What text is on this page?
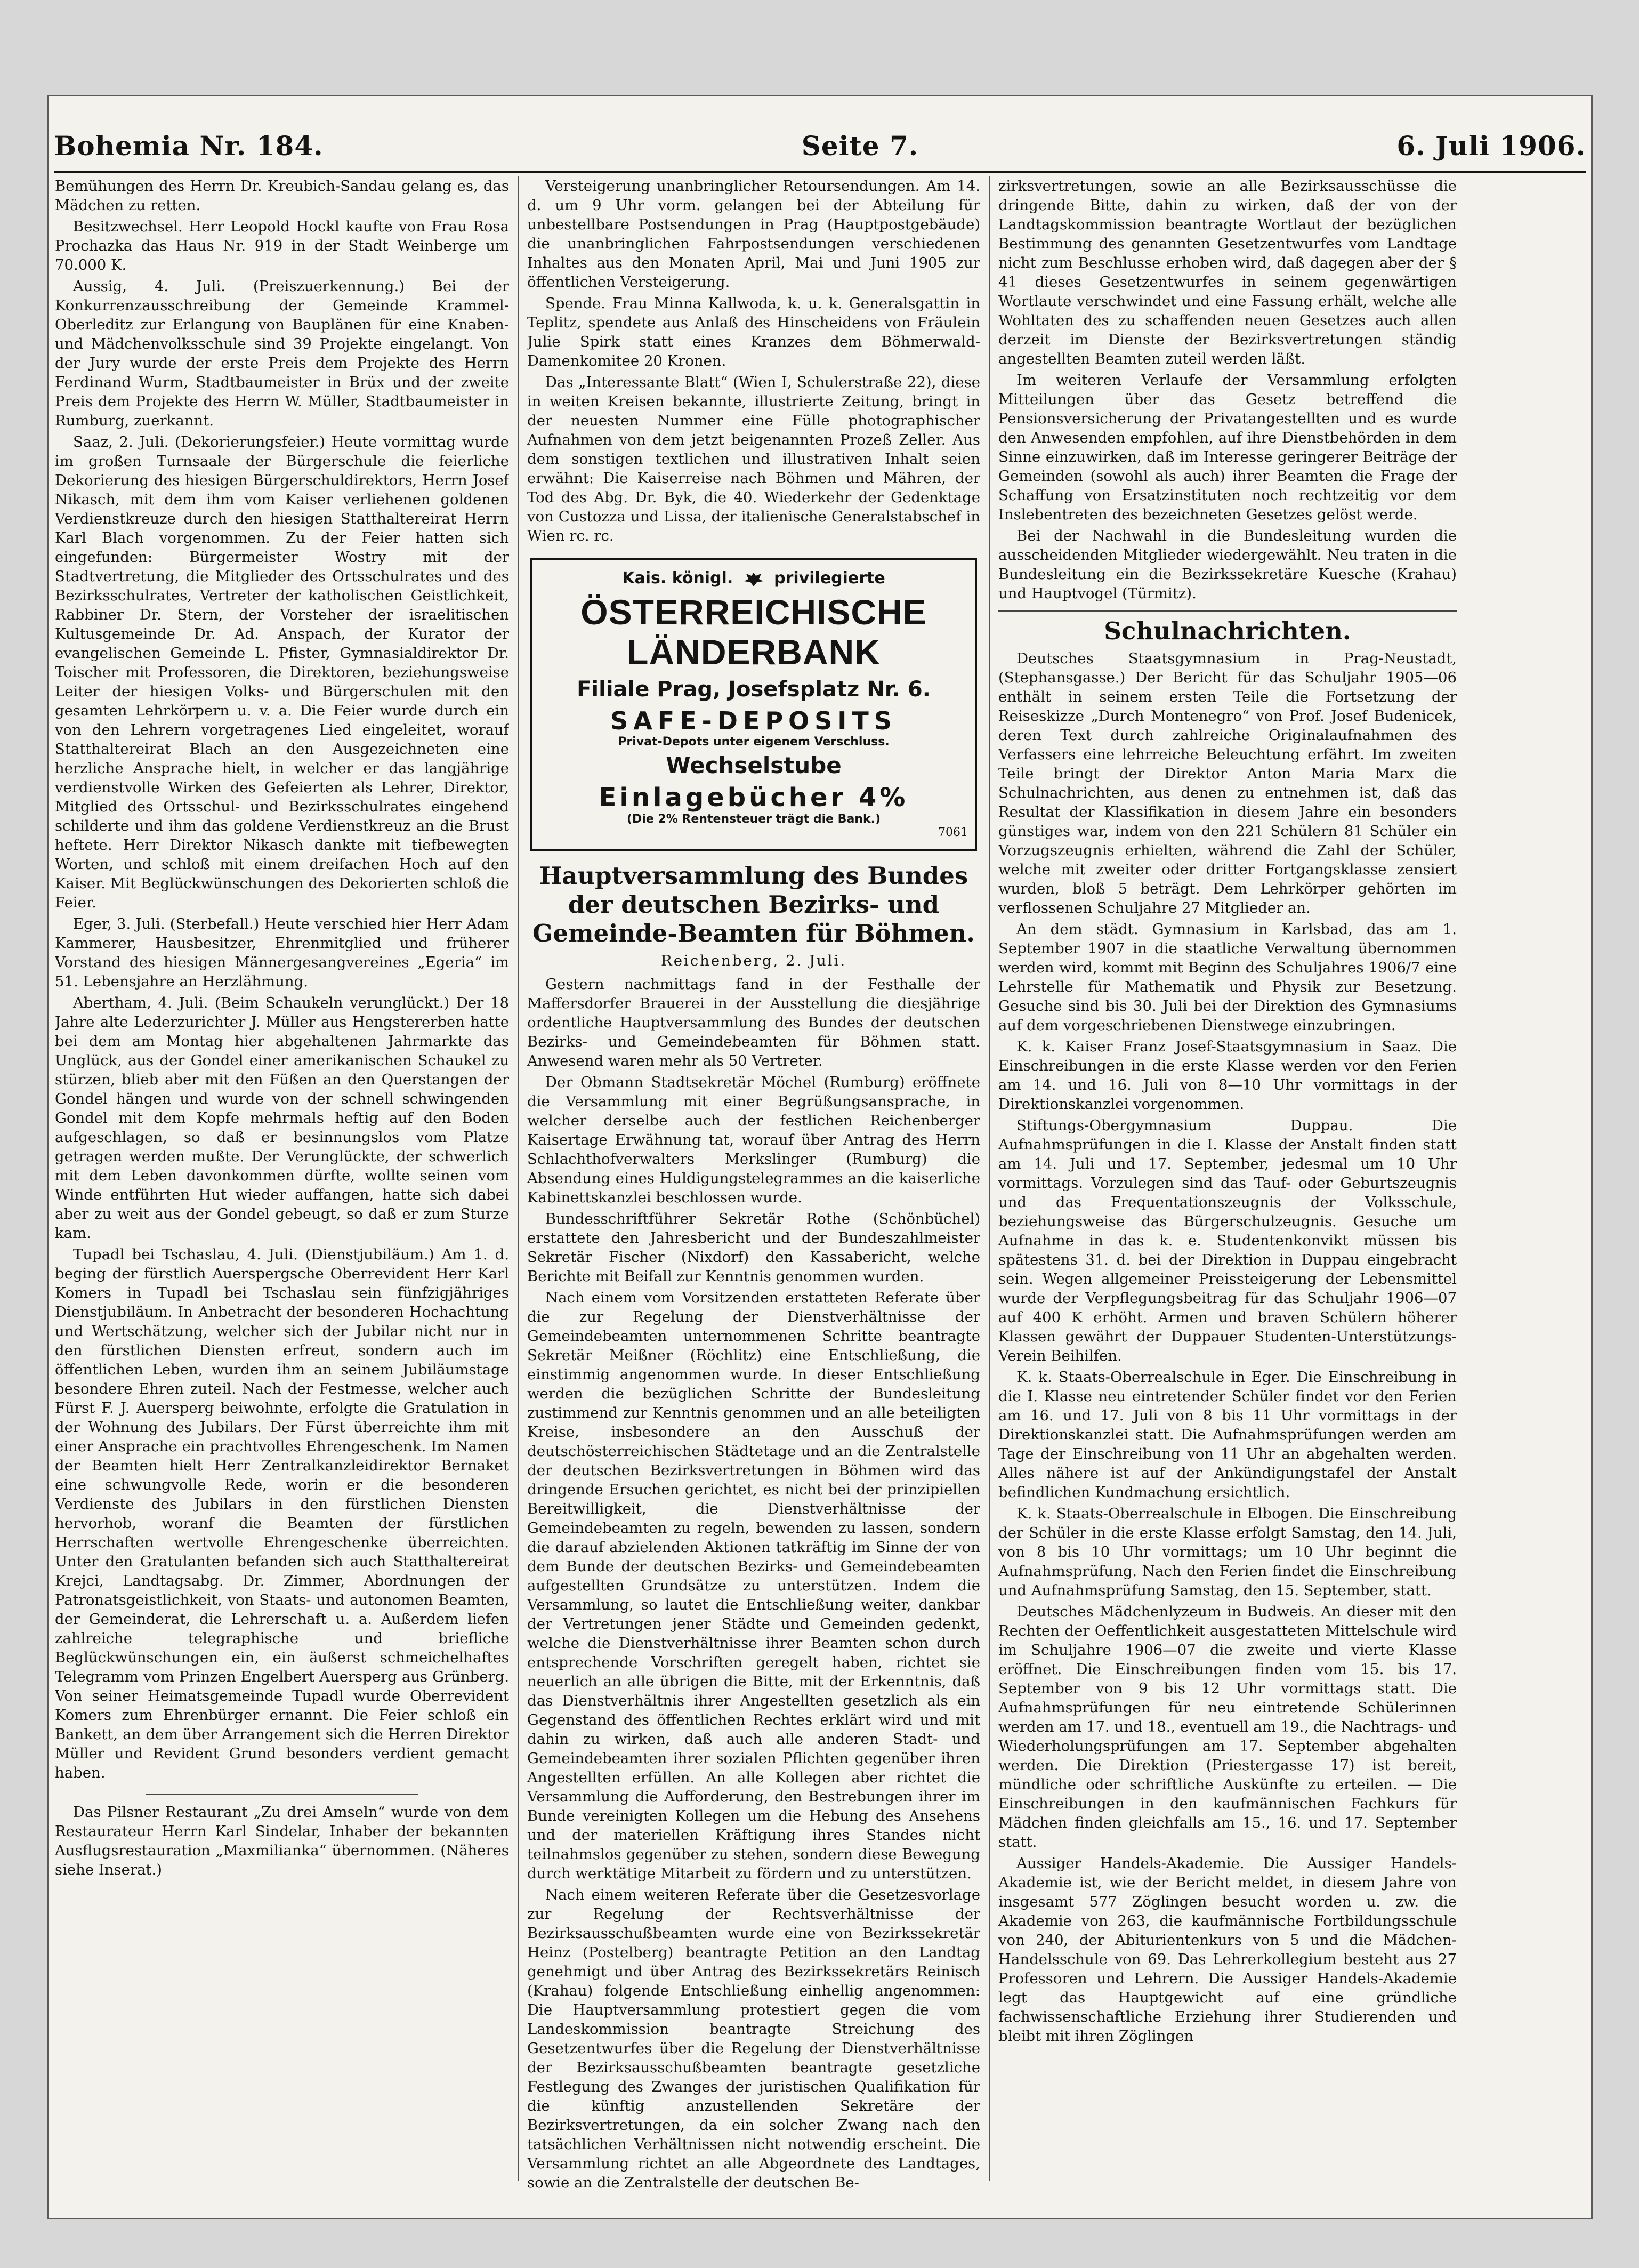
Bohemia Nr. 184.	Seite 7.	6. Juli 1906.

Bemühungen des Herrn Dr. Kreubich-Sandau gelang es, das Mädchen zu retten.

Besitzwechsel. Herr Leopold Hockl kaufte von Frau Rosa Prochazka das Haus Nr. 919 in der Stadt Weinberge um 70.000 K.

Aussig, 4. Juli. (Preiszuerkennung.) Bei der Konkurrenzausschreibung der Gemeinde Krammel-Oberleditz zur Erlangung von Bauplänen für eine Knaben- und Mädchenvolksschule sind 39 Projekte eingelangt. Von der Jury wurde der erste Preis dem Projekte des Herrn Ferdinand Wurm, Stadtbaumeister in Brüx und der zweite Preis dem Projekte des Herrn W. Müller, Stadtbaumeister in Rumburg, zuerkannt.

Saaz, 2. Juli. (Dekorierungsfeier.) Heute vormittag wurde im großen Turnsaale der Bürgerschule die feierliche Dekorierung des hiesigen Bürgerschuldirektors, Herrn Josef Nikasch, mit dem ihm vom Kaiser verliehenen goldenen Verdienstkreuze durch den hiesigen Statthaltereirat Herrn Karl Blach vorgenommen. Zu der Feier hatten sich eingefunden: Bürgermeister Wostry mit der Stadtvertretung, die Mitglieder des Ortsschulrates und des Bezirksschulrates, Vertreter der katholischen Geistlichkeit, Rabbiner Dr. Stern, der Vorsteher der israelitischen Kultusgemeinde Dr. Ad. Anspach, der Kurator der evangelischen Gemeinde L. Pfister, Gymnasialdirektor Dr. Toischer mit Professoren, die Direktoren, beziehungsweise Leiter der hiesigen Volks- und Bürgerschulen mit den gesamten Lehrkörpern u. v. a. Die Feier wurde durch ein von den Lehrern vorgetragenes Lied eingeleitet, worauf Statthaltereirat Blach an den Ausgezeichneten eine herzliche Ansprache hielt, in welcher er das langjährige verdienstvolle Wirken des Gefeierten als Lehrer, Direktor, Mitglied des Ortsschul- und Bezirksschulrates eingehend schilderte und ihm das goldene Verdienstkreuz an die Brust heftete. Herr Direktor Nikasch dankte mit tiefbewegten Worten, und schloß mit einem dreifachen Hoch auf den Kaiser. Mit Beglückwünschungen des Dekorierten schloß die Feier.

Eger, 3. Juli. (Sterbefall.) Heute verschied hier Herr Adam Kammerer, Hausbesitzer, Ehrenmitglied und früherer Vorstand des hiesigen Männergesangvereines „Egeria“ im 51. Lebensjahre an Herzlähmung.

Abertham, 4. Juli. (Beim Schaukeln verunglückt.) Der 18 Jahre alte Lederzurichter J. Müller aus Hengstererben hatte bei dem am Montag hier abgehaltenen Jahrmarkte das Unglück, aus der Gondel einer amerikanischen Schaukel zu stürzen, blieb aber mit den Füßen an den Querstangen der Gondel hängen und wurde von der schnell schwingenden Gondel mit dem Kopfe mehrmals heftig auf den Boden aufgeschlagen, so daß er besinnungslos vom Platze getragen werden mußte. Der Verunglückte, der schwerlich mit dem Leben davonkommen dürfte, wollte seinen vom Winde entführten Hut wieder auffangen, hatte sich dabei aber zu weit aus der Gondel gebeugt, so daß er zum Sturze kam.

Tupadl bei Tschaslau, 4. Juli. (Dienstjubiläum.) Am 1. d. beging der fürstlich Auerspergsche Oberrevident Herr Karl Komers in Tupadl bei Tschaslau sein fünfzigjähriges Dienstjubiläum. In Anbetracht der besonderen Hochachtung und Wertschätzung, welcher sich der Jubilar nicht nur in den fürstlichen Diensten erfreut, sondern auch im öffentlichen Leben, wurden ihm an seinem Jubiläumstage besondere Ehren zuteil. Nach der Festmesse, welcher auch Fürst F. J. Auersperg beiwohnte, erfolgte die Gratulation in der Wohnung des Jubilars. Der Fürst überreichte ihm mit einer Ansprache ein prachtvolles Ehrengeschenk. Im Namen der Beamten hielt Herr Zentralkanzleidirektor Bernaket eine schwungvolle Rede, worin er die besonderen Verdienste des Jubilars in den fürstlichen Diensten hervorhob, woranf die Beamten der fürstlichen Herrschaften wertvolle Ehrengeschenke überreichten. Unter den Gratulanten befanden sich auch Statthaltereirat Krejci, Landtagsabg. Dr. Zimmer, Abordnungen der Patronatsgeistlichkeit, von Staats- und autonomen Beamten, der Gemeinderat, die Lehrerschaft u. a. Außerdem liefen zahlreiche telegraphische und briefliche Beglückwünschungen ein, ein äußerst schmeichelhaftes Telegramm vom Prinzen Engelbert Auersperg aus Grünberg. Von seiner Heimatsgemeinde Tupadl wurde Oberrevident Komers zum Ehrenbürger ernannt. Die Feier schloß ein Bankett, an dem über Arrangement sich die Herren Direktor Müller und Revident Grund besonders verdient gemacht haben.

Das Pilsner Restaurant „Zu drei Amseln“ wurde von dem Restaurateur Herrn Karl Sindelar, Inhaber der bekannten Ausflugsrestauration „Maxmilianka“ übernommen. (Näheres siehe Inserat.)

Versteigerung unanbringlicher Retoursendungen. Am 14. d. um 9 Uhr vorm. gelangen bei der Abteilung für unbestellbare Postsendungen in Prag (Hauptpostgebäude) die unanbringlichen Fahrpostsendungen verschiedenen Inhaltes aus den Monaten April, Mai und Juni 1905 zur öffentlichen Versteigerung.

Spende. Frau Minna Kallwoda, k. u. k. Generalsgattin in Teplitz, spendete aus Anlaß des Hinscheidens von Fräulein Julie Spirk statt eines Kranzes dem Böhmerwald-Damenkomitee 20 Kronen.

Das „Interessante Blatt“ (Wien I, Schulerstraße 22), diese in weiten Kreisen bekannte, illustrierte Zeitung, bringt in der neuesten Nummer eine Fülle photographischer Aufnahmen von dem jetzt beigenannten Prozeß Zeller. Aus dem sonstigen textlichen und illustrativen Inhalt seien erwähnt: Die Kaiserreise nach Böhmen und Mähren, der Tod des Abg. Dr. Byk, die 40. Wiederkehr der Gedenktage von Custozza und Lissa, der italienische Generalstabschef in Wien rc. rc.

Kais. königl.	privilegierte
ÖSTERREICHISCHE LÄNDERBANK
Filiale Prag, Josefsplatz Nr. 6.
SAFE-DEPOSITS
Privat-Depots unter eigenem Verschluss.
Wechselstube
Einlagebücher 4%
(Die 2% Rentensteuer trägt die Bank.)
7061
Hauptversammlung des Bundes der deutschen Bezirks- und Gemeinde-Beamten für Böhmen.
Reichenberg, 2. Juli.

Gestern nachmittags fand in der Festhalle der Maffersdorfer Brauerei in der Ausstellung die diesjährige ordentliche Hauptversammlung des Bundes der deutschen Bezirks- und Gemeindebeamten für Böhmen statt. Anwesend waren mehr als 50 Vertreter.

Der Obmann Stadtsekretär Möchel (Rumburg) eröffnete die Versammlung mit einer Begrüßungsansprache, in welcher derselbe auch der festlichen Reichenberger Kaisertage Erwähnung tat, worauf über Antrag des Herrn Schlachthofverwalters Merkslinger (Rumburg) die Absendung eines Huldigungstelegrammes an die kaiserliche Kabinettskanzlei beschlossen wurde.

Bundesschriftführer Sekretär Rothe (Schönbüchel) erstattete den Jahresbericht und der Bundeszahlmeister Sekretär Fischer (Nixdorf) den Kassabericht, welche Berichte mit Beifall zur Kenntnis genommen wurden.

Nach einem vom Vorsitzenden erstatteten Referate über die zur Regelung der Dienstverhältnisse der Gemeindebeamten unternommenen Schritte beantragte Sekretär Meißner (Röchlitz) eine Entschließung, die einstimmig angenommen wurde. In dieser Entschließung werden die bezüglichen Schritte der Bundesleitung zustimmend zur Kenntnis genommen und an alle beteiligten Kreise, insbesondere an den Ausschuß der deutschösterreichischen Städtetage und an die Zentralstelle der deutschen Bezirksvertretungen in Böhmen wird das dringende Ersuchen gerichtet, es nicht bei der prinzipiellen Bereitwilligkeit, die Dienstverhältnisse der Gemeindebeamten zu regeln, bewenden zu lassen, sondern die darauf abzielenden Aktionen tatkräftig im Sinne der von dem Bunde der deutschen Bezirks- und Gemeindebeamten aufgestellten Grundsätze zu unterstützen. Indem die Versammlung, so lautet die Entschließung weiter, dankbar der Vertretungen jener Städte und Gemeinden gedenkt, welche die Dienstverhältnisse ihrer Beamten schon durch entsprechende Vorschriften geregelt haben, richtet sie neuerlich an alle übrigen die Bitte, mit der Erkenntnis, daß das Dienstverhältnis ihrer Angestellten gesetzlich als ein Gegenstand des öffentlichen Rechtes erklärt wird und mit dahin zu wirken, daß auch alle anderen Stadt- und Gemeindebeamten ihrer sozialen Pflichten gegenüber ihren Angestellten erfüllen. An alle Kollegen aber richtet die Versammlung die Aufforderung, den Bestrebungen ihrer im Bunde vereinigten Kollegen um die Hebung des Ansehens und der materiellen Kräftigung ihres Standes nicht teilnahmslos gegenüber zu stehen, sondern diese Bewegung durch werktätige Mitarbeit zu fördern und zu unterstützen.

Nach einem weiteren Referate über die Gesetzesvorlage zur Regelung der Rechtsverhältnisse der Bezirksausschußbeamten wurde eine von Bezirkssekretär Heinz (Postelberg) beantragte Petition an den Landtag genehmigt und über Antrag des Bezirkssekretärs Reinisch (Krahau) folgende Entschließung einhellig angenommen: Die Hauptversammlung protestiert gegen die vom Landeskommission beantragte Streichung des Gesetzentwurfes über die Regelung der Dienstverhältnisse der Bezirksausschußbeamten beantragte gesetzliche Festlegung des Zwanges der juristischen Qualifikation für die künftig anzustellenden Sekretäre der Bezirksvertretungen, da ein solcher Zwang nach den tatsächlichen Verhältnissen nicht notwendig erscheint. Die Versammlung richtet an alle Abgeordnete des Landtages, sowie an die Zentralstelle der deutschen Be-

zirksvertretungen, sowie an alle Bezirksausschüsse die dringende Bitte, dahin zu wirken, daß der von der Landtagskommission beantragte Wortlaut der bezüglichen Bestimmung des genannten Gesetzentwurfes vom Landtage nicht zum Beschlusse erhoben wird, daß dagegen aber der § 41 dieses Gesetzentwurfes in seinem gegenwärtigen Wortlaute verschwindet und eine Fassung erhält, welche alle Wohltaten des zu schaffenden neuen Gesetzes auch allen derzeit im Dienste der Bezirksvertretungen ständig angestellten Beamten zuteil werden läßt.

Im weiteren Verlaufe der Versammlung erfolgten Mitteilungen über das Gesetz betreffend die Pensionsversicherung der Privatangestellten und es wurde den Anwesenden empfohlen, auf ihre Dienstbehörden in dem Sinne einzuwirken, daß im Interesse geringerer Beiträge der Gemeinden (sowohl als auch) ihrer Beamten die Frage der Schaffung von Ersatzinstituten noch rechtzeitig vor dem Inslebentreten des bezeichneten Gesetzes gelöst werde.

Bei der Nachwahl in die Bundesleitung wurden die ausscheidenden Mitglieder wiedergewählt. Neu traten in die Bundesleitung ein die Bezirkssekretäre Kuesche (Krahau) und Hauptvogel (Türmitz).

Schulnachrichten.

Deutsches Staatsgymnasium in Prag-Neustadt, (Stephansgasse.) Der Bericht für das Schuljahr 1905—06 enthält in seinem ersten Teile die Fortsetzung der Reiseskizze „Durch Montenegro“ von Prof. Josef Budenicek, deren Text durch zahlreiche Originalaufnahmen des Verfassers eine lehrreiche Beleuchtung erfährt. Im zweiten Teile bringt der Direktor Anton Maria Marx die Schulnachrichten, aus denen zu entnehmen ist, daß das Resultat der Klassifikation in diesem Jahre ein besonders günstiges war, indem von den 221 Schülern 81 Schüler ein Vorzugszeugnis erhielten, während die Zahl der Schüler, welche mit zweiter oder dritter Fortgangsklasse zensiert wurden, bloß 5 beträgt. Dem Lehrkörper gehörten im verflossenen Schuljahre 27 Mitglieder an.

An dem städt. Gymnasium in Karlsbad, das am 1. September 1907 in die staatliche Verwaltung übernommen werden wird, kommt mit Beginn des Schuljahres 1906/7 eine Lehrstelle für Mathematik und Physik zur Besetzung. Gesuche sind bis 30. Juli bei der Direktion des Gymnasiums auf dem vorgeschriebenen Dienstwege einzubringen.

K. k. Kaiser Franz Josef-Staatsgymnasium in Saaz. Die Einschreibungen in die erste Klasse werden vor den Ferien am 14. und 16. Juli von 8—10 Uhr vormittags in der Direktionskanzlei vorgenommen.

Stiftungs-Obergymnasium Duppau. Die Aufnahmsprüfungen in die I. Klasse der Anstalt finden statt am 14. Juli und 17. September, jedesmal um 10 Uhr vormittags. Vorzulegen sind das Tauf- oder Geburtszeugnis und das Frequentationszeugnis der Volksschule, beziehungsweise das Bürgerschulzeugnis. Gesuche um Aufnahme in das k. e. Studentenkonvikt müssen bis spätestens 31. d. bei der Direktion in Duppau eingebracht sein. Wegen allgemeiner Preissteigerung der Lebensmittel wurde der Verpflegungsbeitrag für das Schuljahr 1906—07 auf 400 K erhöht. Armen und braven Schülern höherer Klassen gewährt der Duppauer Studenten-Unterstützungs-Verein Beihilfen.

K. k. Staats-Oberrealschule in Eger. Die Einschreibung in die I. Klasse neu eintretender Schüler findet vor den Ferien am 16. und 17. Juli von 8 bis 11 Uhr vormittags in der Direktionskanzlei statt. Die Aufnahmsprüfungen werden am Tage der Einschreibung von 11 Uhr an abgehalten werden. Alles nähere ist auf der Ankündigungstafel der Anstalt befindlichen Kundmachung ersichtlich.

K. k. Staats-Oberrealschule in Elbogen. Die Einschreibung der Schüler in die erste Klasse erfolgt Samstag, den 14. Juli, von 8 bis 10 Uhr vormittags; um 10 Uhr beginnt die Aufnahmsprüfung. Nach den Ferien findet die Einschreibung und Aufnahmsprüfung Samstag, den 15. September, statt.

Deutsches Mädchenlyzeum in Budweis. An dieser mit den Rechten der Oeffentlichkeit ausgestatteten Mittelschule wird im Schuljahre 1906—07 die zweite und vierte Klasse eröffnet. Die Einschreibungen finden vom 15. bis 17. September von 9 bis 12 Uhr vormittags statt. Die Aufnahmsprüfungen für neu eintretende Schülerinnen werden am 17. und 18., eventuell am 19., die Nachtrags- und Wiederholungsprüfungen am 17. September abgehalten werden. Die Direktion (Priestergasse 17) ist bereit, mündliche oder schriftliche Auskünfte zu erteilen. — Die Einschreibungen in den kaufmännischen Fachkurs für Mädchen finden gleichfalls am 15., 16. und 17. September statt.

Aussiger Handels-Akademie. Die Aussiger Handels-Akademie ist, wie der Bericht meldet, in diesem Jahre von insgesamt 577 Zöglingen besucht worden u. zw. die Akademie von 263, die kaufmännische Fortbildungsschule von 240, der Abiturientenkurs von 5 und die Mädchen-Handelsschule von 69. Das Lehrerkollegium besteht aus 27 Professoren und Lehrern. Die Aussiger Handels-Akademie legt das Hauptgewicht auf eine gründliche fachwissenschaftliche Erziehung ihrer Studierenden und bleibt mit ihren Zöglingen
